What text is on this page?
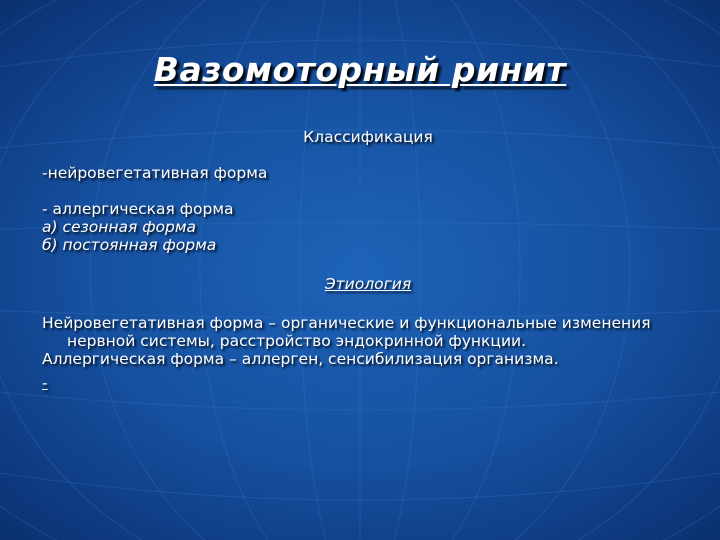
Вазомоторный ринит

Классификация

-нейровегетативная форма

- аллергическая форма

а) сезонная форма

б) постоянная форма

Этиология

Нейровегетативная форма – органические и функциональные изменения нервной системы, расстройство эндокринной функции.

Аллергическая форма – аллерген, сенсибилизация организма.

-
